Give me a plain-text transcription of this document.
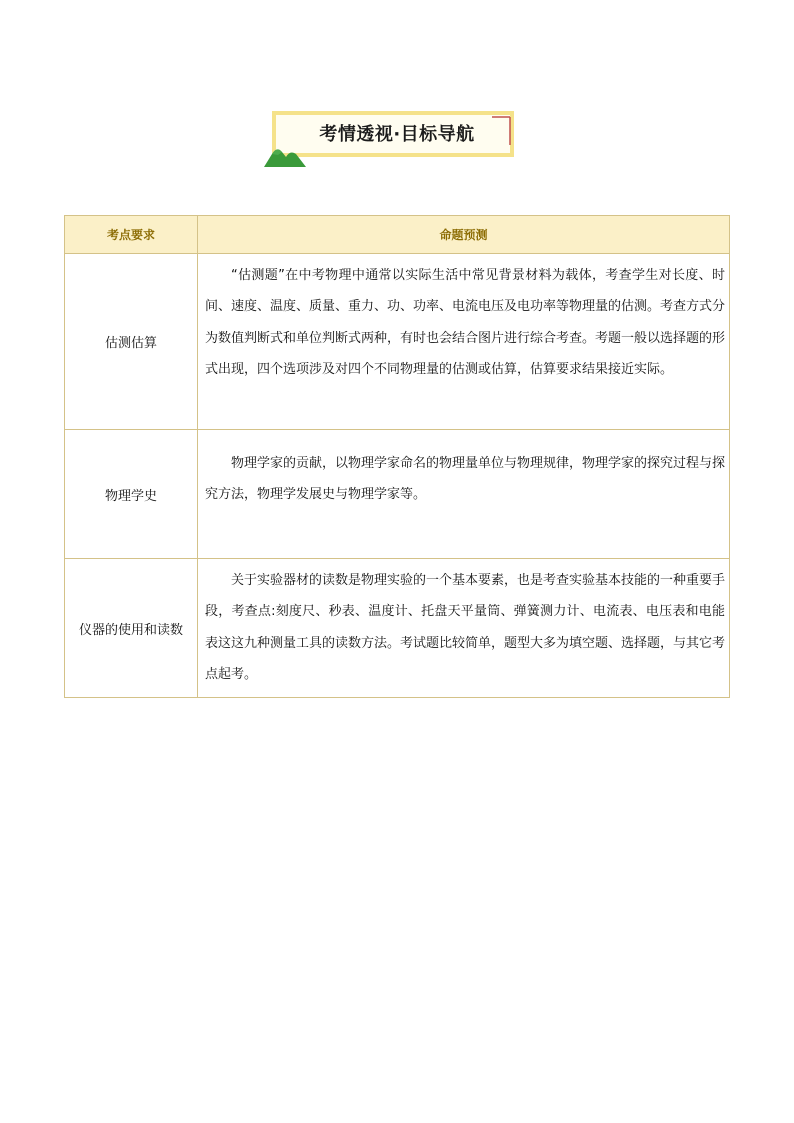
考情透视·目标导航
考点要求	命题预测
估测估算	“估测题”在中考物理中通常以实际生活中常见背景材料为载体，考查学生对长度、时间、速度、温度、质量、重力、功、功率、电流电压及电功率等物理量的估测。考查方式分为数值判断式和单位判断式两种，有时也会结合图片进行综合考查。考题一般以选择题的形式出现，四个选项涉及对四个不同物理量的估测或估算，估算要求结果接近实际。
物理学史	物理学家的贡献，以物理学家命名的物理量单位与物理规律，物理学家的探究过程与探究方法，物理学发展史与物理学家等。
仪器的使用和读数	关于实验器材的读数是物理实验的一个基本要素，也是考查实验基本技能的一种重要手段，考查点:刻度尺、秒表、温度计、托盘天平量筒、弹簧测力计、电流表、电压表和电能表这这九种测量工具的读数方法。考试题比较简单，题型大多为填空题、选择题，与其它考点起考。
